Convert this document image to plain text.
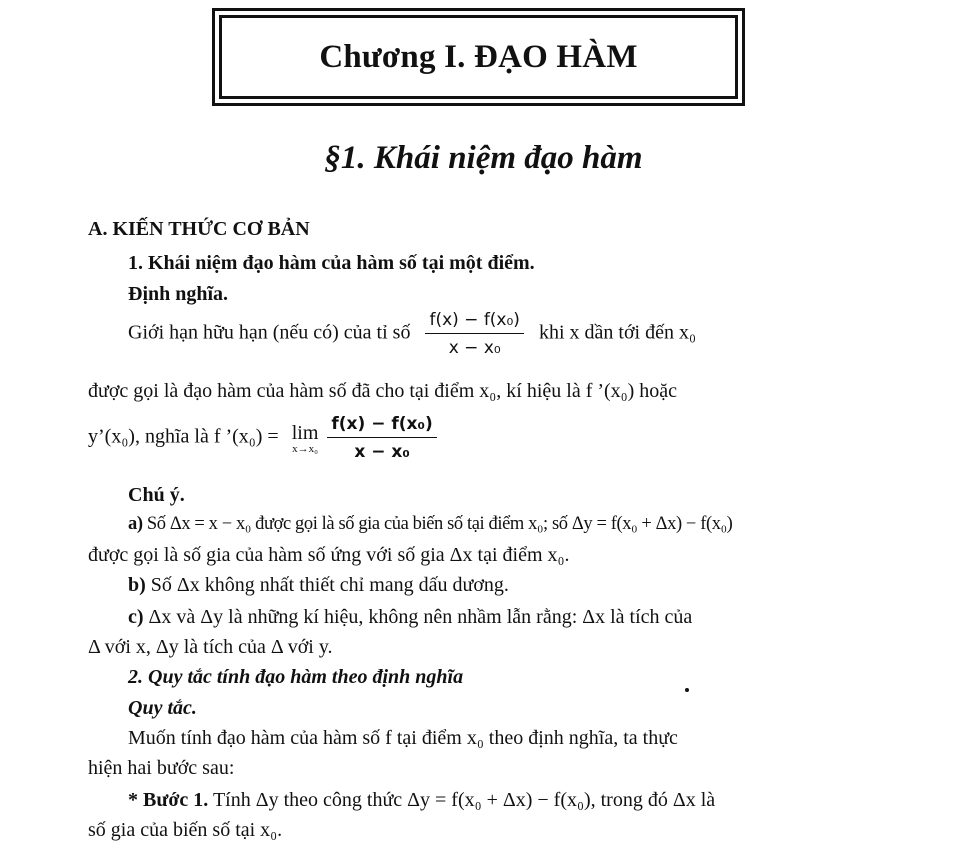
Chương I. ĐẠO HÀM
§1. Khái niệm đạo hàm
A. KIẾN THỨC CƠ BẢN
1. Khái niệm đạo hàm của hàm số tại một điểm.
Định nghĩa.
Giới hạn hữu hạn (nếu có) của tỉ số $\frac{\text{f(x) − f(x₀)}}{\text{x − x₀}}$ khi x dần tới đến x₀
được gọi là đạo hàm của hàm số đã cho tại điểm x₀, kí hiệu là f ’(x₀) hoặc
y’(x₀), nghĩa là f ’(x₀) = lim
x→x₀
$\frac{\text{f(x) − f(x₀)}}{\text{x − x₀}}$
Chú ý.
a) Số Δx = x − x₀ được gọi là số gia của biến số tại điểm x₀; số Δy = f(x₀ + Δx) − f(x₀)
được gọi là số gia của hàm số ứng với số gia Δx tại điểm x₀.
b) Số Δx không nhất thiết chỉ mang dấu dương.
c) Δx và Δy là những kí hiệu, không nên nhầm lẫn rằng: Δx là tích của
Δ với x, Δy là tích của Δ với y.
2. Quy tắc tính đạo hàm theo định nghĩa
Quy tắc.
Muốn tính đạo hàm của hàm số f tại điểm x₀ theo định nghĩa, ta thực
hiện hai bước sau:
* Bước 1. Tính Δy theo công thức Δy = f(x₀ + Δx) − f(x₀), trong đó Δx là
số gia của biến số tại x₀.
